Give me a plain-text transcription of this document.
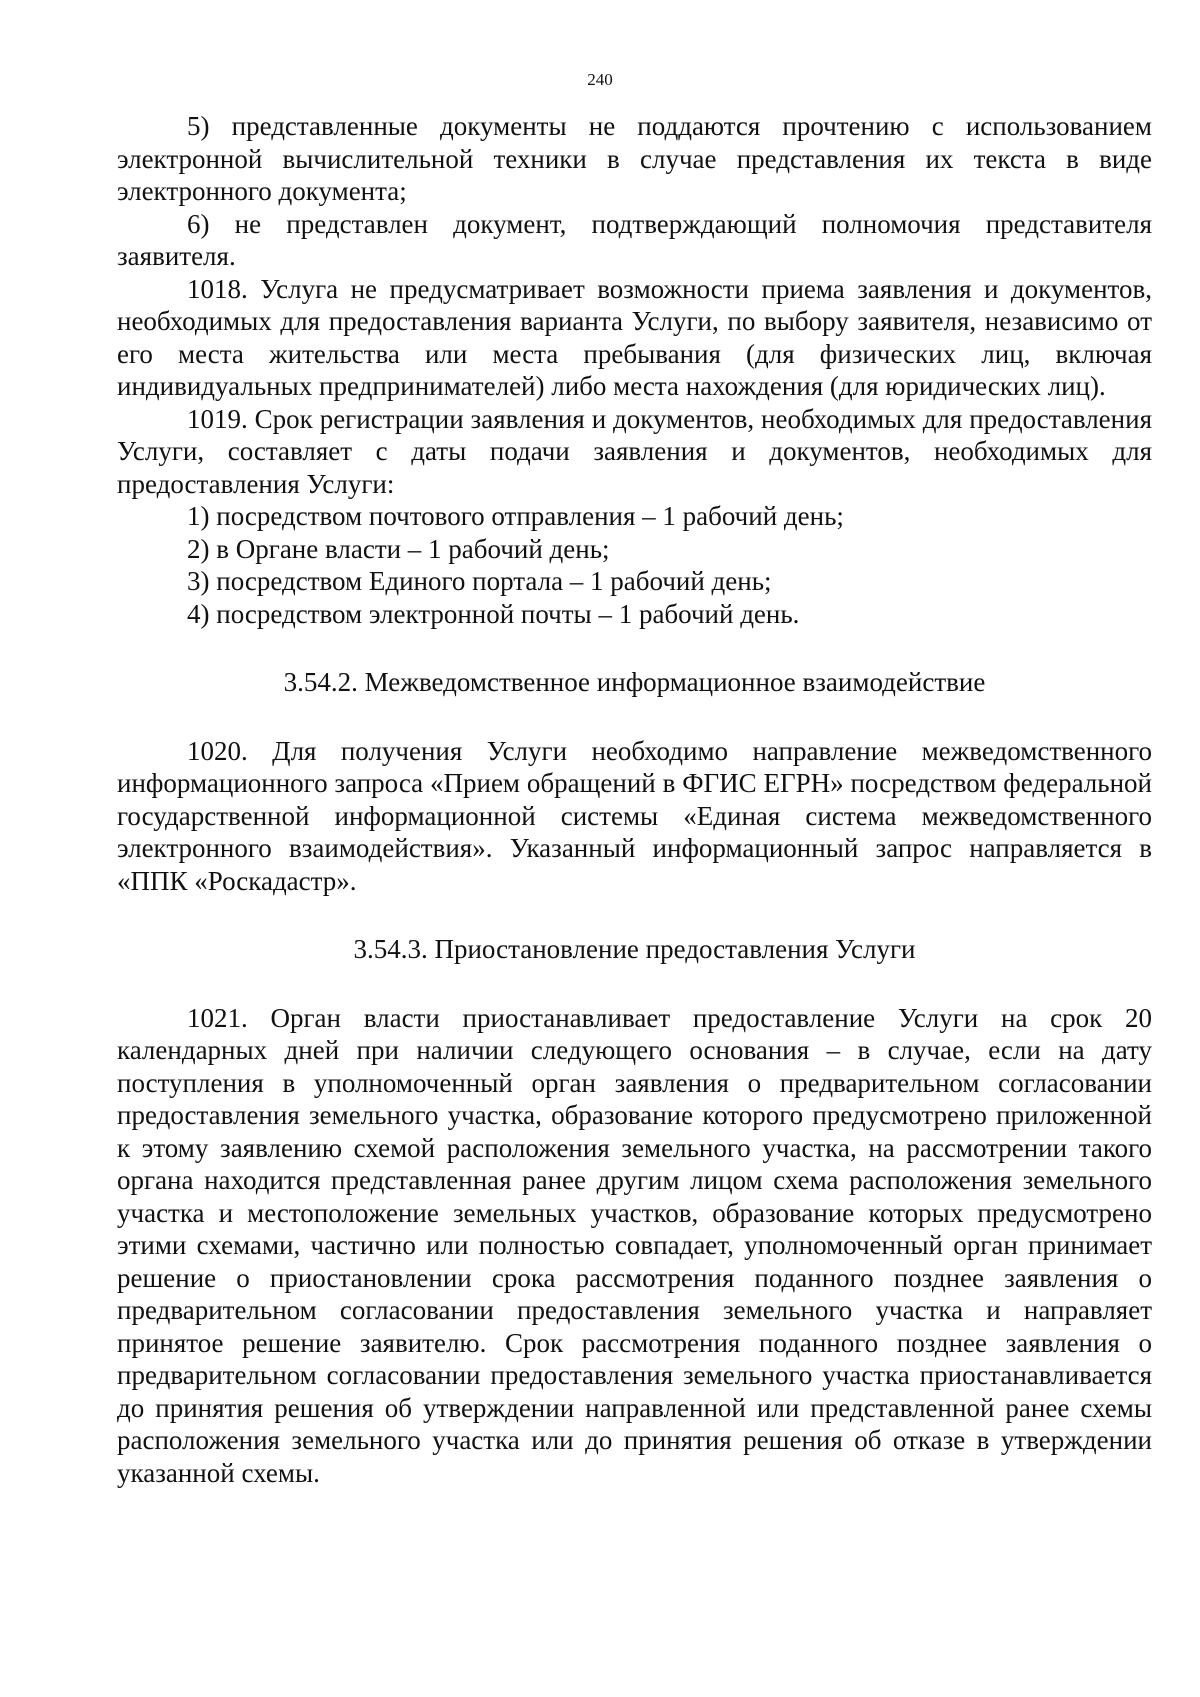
240

5) представленные документы не поддаются прочтению с использованием электронной вычислительной техники в случае представления их текста в виде электронного документа;

6) не представлен документ, подтверждающий полномочия представителя заявителя.

1018. Услуга не предусматривает возможности приема заявления и документов, необходимых для предоставления варианта Услуги, по выбору заявителя, независимо от его места жительства или места пребывания (для физических лиц, включая индивидуальных предпринимателей) либо места нахождения (для юридических лиц).

1019. Срок регистрации заявления и документов, необходимых для предоставления Услуги, составляет с даты подачи заявления и документов, необходимых для предоставления Услуги:

1) посредством почтового отправления – 1 рабочий день;

2) в Органе власти – 1 рабочий день;

3) посредством Единого портала – 1 рабочий день;

4) посредством электронной почты – 1 рабочий день.

3.54.2. Межведомственное информационное взаимодействие

1020. Для получения Услуги необходимо направление межведомственного информационного запроса «Прием обращений в ФГИС ЕГРН» посредством федеральной государственной информационной системы «Единая система межведомственного электронного взаимодействия». Указанный информационный запрос направляется в «ППК «Роскадастр».

3.54.3. Приостановление предоставления Услуги

1021. Орган власти приостанавливает предоставление Услуги на срок 20 календарных дней при наличии следующего основания – в случае, если на дату поступления в уполномоченный орган заявления о предварительном согласовании предоставления земельного участка, образование которого предусмотрено приложенной к этому заявлению схемой расположения земельного участка, на рассмотрении такого органа находится представленная ранее другим лицом схема расположения земельного участка и местоположение земельных участков, образование которых предусмотрено этими схемами, частично или полностью совпадает, уполномоченный орган принимает решение о приостановлении срока рассмотрения поданного позднее заявления о предварительном согласовании предоставления земельного участка и направляет принятое решение заявителю. Срок рассмотрения поданного позднее заявления о предварительном согласовании предоставления земельного участка приостанавливается до принятия решения об утверждении направленной или представленной ранее схемы расположения земельного участка или до принятия решения об отказе в утверждении указанной схемы.
